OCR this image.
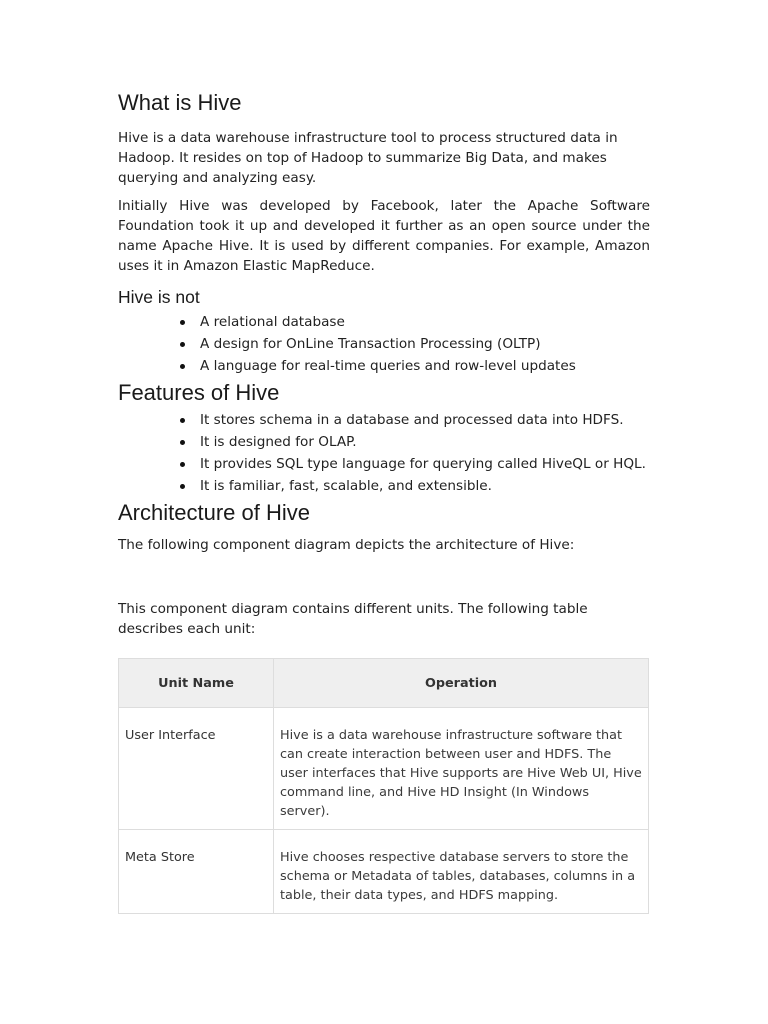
What is Hive

Hive is a data warehouse infrastructure tool to process structured data in Hadoop. It resides on top of Hadoop to summarize Big Data, and makes querying and analyzing easy.

Initially Hive was developed by Facebook, later the Apache Software Foundation took it up and developed it further as an open source under the name Apache Hive. It is used by different companies. For example, Amazon uses it in Amazon Elastic MapReduce.

Hive is not
A relational database
A design for OnLine Transaction Processing (OLTP)
A language for real-time queries and row-level updates
Features of Hive
It stores schema in a database and processed data into HDFS.
It is designed for OLAP.
It provides SQL type language for querying called HiveQL or HQL.
It is familiar, fast, scalable, and extensible.
Architecture of Hive

The following component diagram depicts the architecture of Hive:

This component diagram contains different units. The following table describes each unit:

Unit Name	Operation
User Interface	Hive is a data warehouse infrastructure software that can create interaction between user and HDFS. The user interfaces that Hive supports are Hive Web UI, Hive command line, and Hive HD Insight (In Windows server).
Meta Store	Hive chooses respective database servers to store the schema or Metadata of tables, databases, columns in a table, their data types, and HDFS mapping.
